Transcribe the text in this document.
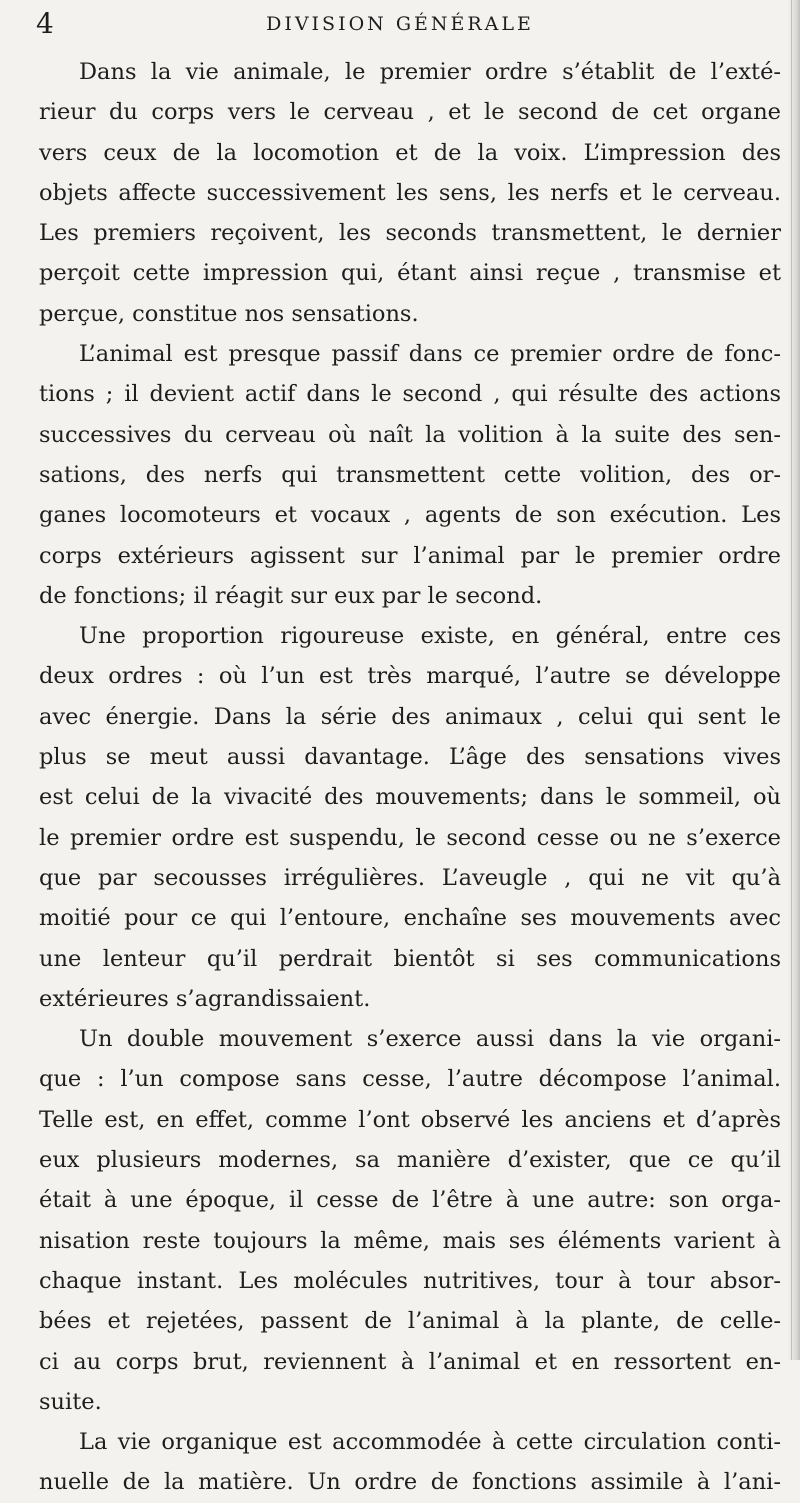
4	DIVISION GÉNÉRALE
Dans la vie animale, le premier ordre s’établit de l’exté-
rieur du corps vers le cerveau , et le second de cet organe
vers ceux de la locomotion et de la voix. L’impression des
objets affecte successivement les sens, les nerfs et le cerveau.
Les premiers reçoivent, les seconds transmettent, le dernier
perçoit cette impression qui, étant ainsi reçue , transmise et
perçue, constitue nos sensations.
L’animal est presque passif dans ce premier ordre de fonc-
tions ; il devient actif dans le second , qui résulte des actions
successives du cerveau où naît la volition à la suite des sen-
sations, des nerfs qui transmettent cette volition, des or-
ganes locomoteurs et vocaux , agents de son exécution. Les
corps extérieurs agissent sur l’animal par le premier ordre
de fonctions; il réagit sur eux par le second.
Une proportion rigoureuse existe, en général, entre ces
deux ordres : où l’un est très marqué, l’autre se développe
avec énergie. Dans la série des animaux , celui qui sent le
plus se meut aussi davantage. L’âge des sensations vives
est celui de la vivacité des mouvements; dans le sommeil, où
le premier ordre est suspendu, le second cesse ou ne s’exerce
que par secousses irrégulières. L’aveugle , qui ne vit qu’à
moitié pour ce qui l’entoure, enchaîne ses mouvements avec
une lenteur qu’il perdrait bientôt si ses communications
extérieures s’agrandissaient.
Un double mouvement s’exerce aussi dans la vie organi-
que : l’un compose sans cesse, l’autre décompose l’animal.
Telle est, en effet, comme l’ont observé les anciens et d’après
eux plusieurs modernes, sa manière d’exister, que ce qu’il
était à une époque, il cesse de l’être à une autre: son orga-
nisation reste toujours la même, mais ses éléments varient à
chaque instant. Les molécules nutritives, tour à tour absor-
bées et rejetées, passent de l’animal à la plante, de celle-
ci au corps brut, reviennent à l’animal et en ressortent en-
suite.
La vie organique est accommodée à cette circulation conti-
nuelle de la matière. Un ordre de fonctions assimile à l’ani-
